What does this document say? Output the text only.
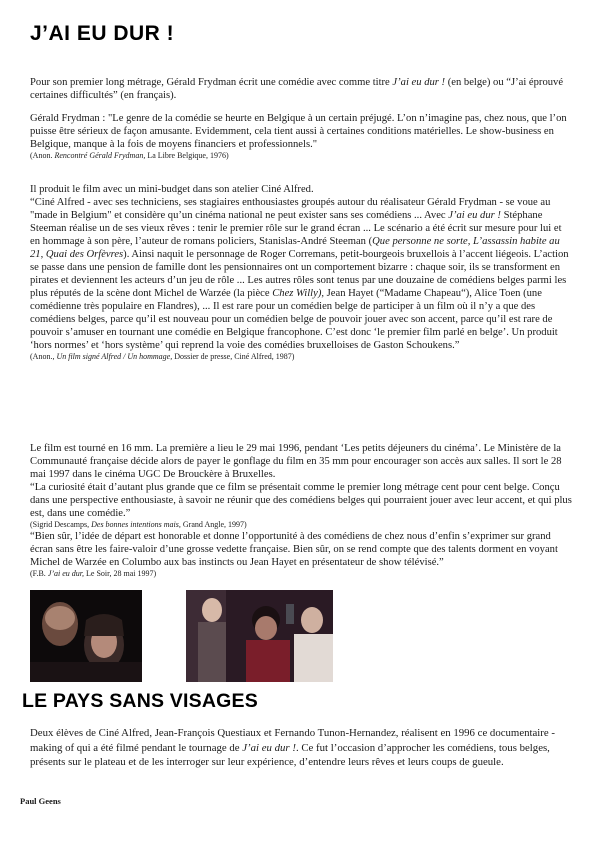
J’AI EU DUR !

Pour son premier long métrage, Gérald Frydman écrit une comédie avec comme titre J’ai eu dur ! (en belge) ou “J’ai éprouvé certaines difficultés” (en français).

Gérald Frydman : "Le genre de la comédie se heurte en Belgique à un certain préjugé. L’on n’imagine pas, chez nous, que l’on puisse être sérieux de façon amusante. Evidemment, cela tient aussi à certaines conditions matérielles. Le show-business en Belgique, manque à la fois de moyens financiers et professionnels."
(Anon. Rencontré Gérald Frydman, La Libre Belgique, 1976)

Il produit le film avec un mini-budget dans son atelier Ciné Alfred.
“Ciné Alfred - avec ses techniciens, ses stagiaires enthousiastes groupés autour du réalisateur Gérald Frydman - se voue au "made in Belgium" et considère qu’un cinéma national ne peut exister sans ses comédiens ... Avec J’ai eu dur ! Stéphane Steeman réalise un de ses vieux rêves : tenir le premier rôle sur le grand écran ... Le scénario a été écrit sur mesure pour lui et en hommage à son père, l’auteur de romans policiers, Stanislas-André Steeman (Que personne ne sorte, L’assassin habite au 21, Quai des Orfèvres). Ainsi naquit le personnage de Roger Corremans, petit-bourgeois bruxellois à l’accent liégeois. L’action se passe dans une pension de famille dont les pensionnaires ont un comportement bizarre : chaque soir, ils se transforment en pirates et deviennent les acteurs d’un jeu de rôle ... Les autres rôles sont tenus par une douzaine de comédiens belges parmi les plus réputés de la scène dont Michel de Warzée (la pièce Chez Willy), Jean Hayet (“Madame Chapeau“), Alice Toen (une comédienne très populaire en Flandres), ... Il est rare pour un comédien belge de participer à un film où il n’y a que des comédiens belges, parce qu’il est nouveau pour un comédien belge de pouvoir jouer avec son accent, parce qu’il est rare de pouvoir s’amuser en tournant une comédie en Belgique francophone. C’est donc ‘le premier film parlé en belge’. Un produit ‘hors normes’ et ‘hors système’ qui reprend la voie des comédies bruxelloises de Gaston Schoukens.”
(Anon., Un film signé Alfred / Un hommage, Dossier de presse, Ciné Alfred, 1987)

Le film est tourné en 16 mm. La première a lieu le 29 mai 1996, pendant ‘Les petits déjeuners du cinéma’. Le Ministère de la Communauté française décide alors de payer le gonflage du film en 35 mm pour encourager son accès aux salles. Il sort le 28 mai 1997 dans le cinéma UGC De Brouckère à Bruxelles.
“La curiosité était d’autant plus grande que ce film se présentait comme le premier long métrage cent pour cent belge. Conçu dans une perspective enthousiaste, à savoir ne réunir que des comédiens belges qui pourraient jouer avec leur accent, et qui plus est, dans une comédie.”
(Sigrid Descamps, Des bonnes intentions mais, Grand Angle, 1997)
“Bien sûr, l’idée de départ est honorable et donne l’opportunité à des comédiens de chez nous d’enfin s’exprimer sur grand écran sans être les faire-valoir d’une grosse vedette française. Bien sûr, on se rend compte que des talents dorment en voyant Michel de Warzée en Columbo aux bas instincts ou Jean Hayet en présentateur de show télévisé.”
(F.B. J’ai eu dur, Le Soir, 28 mai 1997)

LE PAYS SANS VISAGES

Deux élèves de Ciné Alfred, Jean-François Questiaux et Fernando Tunon-Hernandez, réalisent en 1996 ce documentaire - making of qui a été filmé pendant le tournage de J’ai eu dur !. Ce fut l’occasion d’approcher les comédiens, tous belges, présents sur le plateau et de les interroger sur leur expérience, d’entendre leurs rêves et leurs coups de gueule.

Paul Geens
